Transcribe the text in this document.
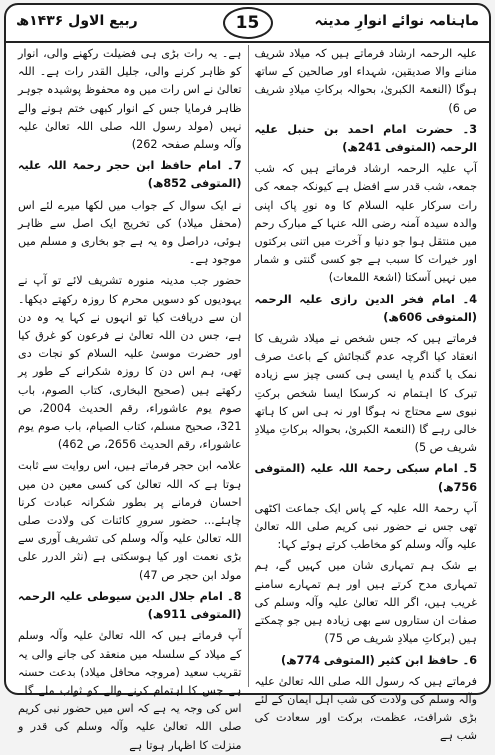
ماہنامہ نوائے انوارِ مدینہ
15
ربیع الاول ۱۴۳۶ھ

علیہ الرحمہ ارشاد فرماتے ہیں کہ میلاد شریف منانے والا صدیقین، شہداء اور صالحین کے ساتھ ہوگا (النعمۃ الکبریٰ، بحوالہ برکاتِ میلادِ شریف ص 6)

3۔ حضرت امام احمد بن حنبل علیہ الرحمہ (المتوفی 241ھ)

آپ علیہ الرحمہ ارشاد فرماتے ہیں کہ شب جمعہ، شب قدر سے افضل ہے کیونکہ جمعہ کی رات سرکار علیہ السلام کا وہ نورِ پاک اپنی والدہ سیدہ آمنہ رضی اللہ عنہا کے مبارک رحم میں منتقل ہوا جو دنیا و آخرت میں اتنی برکتوں اور خیرات کا سبب ہے جو کسی گنتی و شمار میں نہیں آسکتا (اشعۃ اللمعات)

4۔ امام فخر الدین رازی علیہ الرحمہ (المتوفی 606ھ)

فرماتے ہیں کہ جس شخص نے میلاد شریف کا انعقاد کیا اگرچہ عدم گنجائش کے باعث صرف نمک یا گندم یا ایسی ہی کسی چیز سے زیادہ تبرک کا اہتمام نہ کرسکا ایسا شخص برکتِ نبوی سے محتاج نہ ہوگا اور نہ ہی اس کا ہاتھ خالی رہے گا (النعمۃ الکبریٰ، بحوالہ برکاتِ میلادِ شریف ص 5)

5۔ امام سبکی رحمۃ اللہ علیہ (المتوفی 756ھ)

آپ رحمۃ اللہ علیہ کے پاس ایک جماعت اکٹھی تھی جس نے حضور نبی کریم صلی اللہ تعالیٰ علیہ وآلہ وسلم کو مخاطب کرتے ہوئے کہا:

بے شک ہم تمہاری شان میں کہیں گے، ہم تمہاری مدح کرتے ہیں اور ہم تمہارے سامنے غریب ہیں، اگر اللہ تعالیٰ علیہ وآلہ وسلم کی صفات ان ستاروں سے بھی زیادہ ہیں جو چمکتے ہیں (برکاتِ میلادِ شریف ص 75)

6۔ حافظ ابن کثیر (المتوفی 774ھ)

فرماتے ہیں کہ رسول اللہ صلی اللہ تعالیٰ علیہ وآلہ وسلم کی ولادت کی شب اہل ایمان کے لئے بڑی شرافت، عظمت، برکت اور سعادت کی شب ہے

ہے۔ یہ رات بڑی ہی فضیلت رکھنے والی، انوار کو ظاہر کرنے والی، جلیل القدر رات ہے۔ اللہ تعالیٰ نے اس رات میں وہ محفوظ پوشیدہ جوہر ظاہر فرمایا جس کے انوار کبھی ختم ہونے والے نہیں (مولد رسول اللہ صلی اللہ تعالیٰ علیہ وآلہ وسلم صفحہ 262)

7۔ امام حافظ ابن حجر رحمۃ اللہ علیہ (المتوفی 852ھ)

نے ایک سوال کے جواب میں لکھا میرے لئے اس (محفل میلاد) کی تخریج ایک اصل سے ظاہر ہوئی، دراصل وہ یہ ہے جو بخاری و مسلم میں موجود ہے۔

حضور جب مدینہ منورہ تشریف لائے تو آپ نے یہودیوں کو دسویں محرم کا روزہ رکھتے دیکھا۔ ان سے دریافت کیا تو انہوں نے کہا یہ وہ دن ہے، جس دن اللہ تعالیٰ نے فرعون کو غرق کیا اور حضرت موسیٰ علیہ السلام کو نجات دی تھی، ہم اس دن کا روزہ شکرانے کے طور پر رکھتے ہیں (صحیح البخاری، کتاب الصوم، باب صوم یوم عاشوراء، رقم الحدیث 2004، ص 321، صحیح مسلم، کتاب الصیام، باب صوم یوم عاشوراء، رقم الحدیث 2656، ص 462)

علامہ ابن حجر فرماتے ہیں، اس روایت سے ثابت ہوتا ہے کہ اللہ تعالیٰ کی کسی معین دن میں احسان فرمانے پر بطور شکرانہ عبادت کرنا چاہئے... حضور سرورِ کائنات کی ولادت صلی اللہ تعالیٰ علیہ وآلہ وسلم کی تشریف آوری سے بڑی نعمت اور کیا ہوسکتی ہے (نثر الدرر علی مولد ابن حجر ص 47)

8۔ امام جلال الدین سیوطی علیہ الرحمہ (المتوفی 911ھ)

آپ فرماتے ہیں کہ اللہ تعالیٰ علیہ وآلہ وسلم کے میلاد کے سلسلہ میں منعقد کی جانے والی یہ تقریب سعید (مروجہ محافل میلاد) بدعت حسنہ ہے جس کا اہتمام کرنے والے کو ثواب ملے گا۔ اس کی وجہ یہ ہے کہ اس میں حضور نبی کریم صلی اللہ تعالیٰ علیہ وآلہ وسلم کی قدر و منزلت کا اظہار ہوتا ہے
